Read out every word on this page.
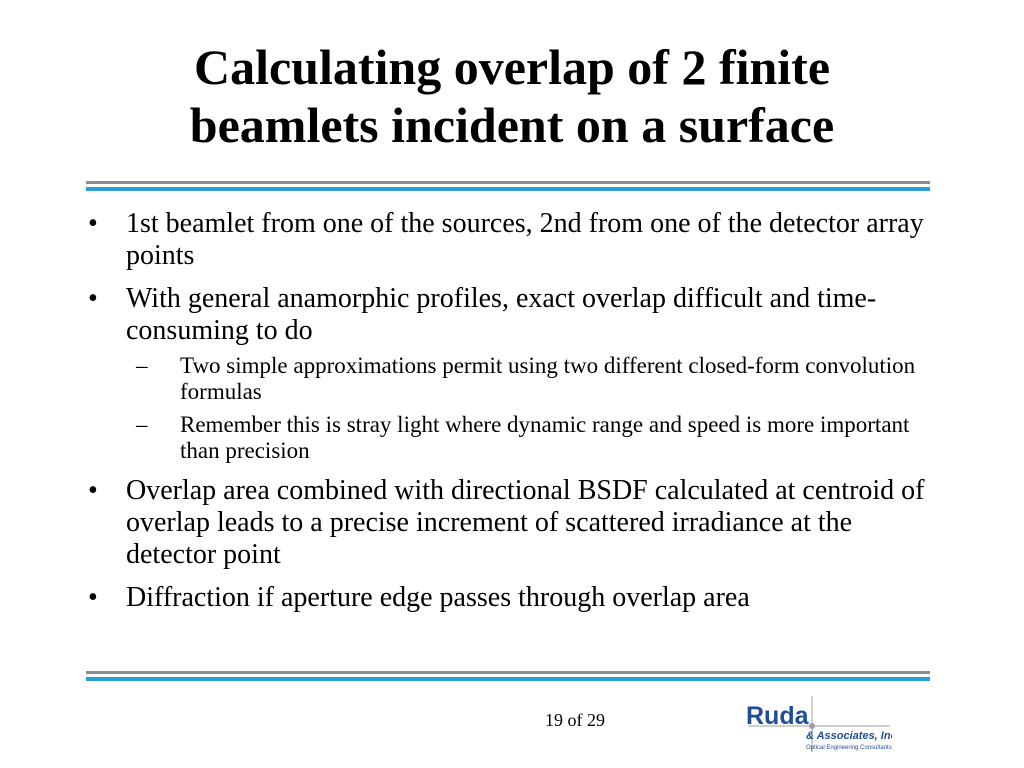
Calculating overlap of 2 finite
beamlets incident on a surface
• 1st beamlet from one of the sources, 2nd from one of the detector array points
• With general anamorphic profiles, exact overlap difficult and time-consuming to do
–	Two simple approximations permit using two different closed-form convolution formulas
–	Remember this is stray light where dynamic range and speed is more important than precision
• Overlap area combined with directional BSDF calculated at centroid of overlap leads to a precise increment of scattered irradiance at the detector point
• Diffraction if aperture edge passes through overlap area
19 of 29	Ruda
& Associates, Inc.
Optical Engineering Consultants
